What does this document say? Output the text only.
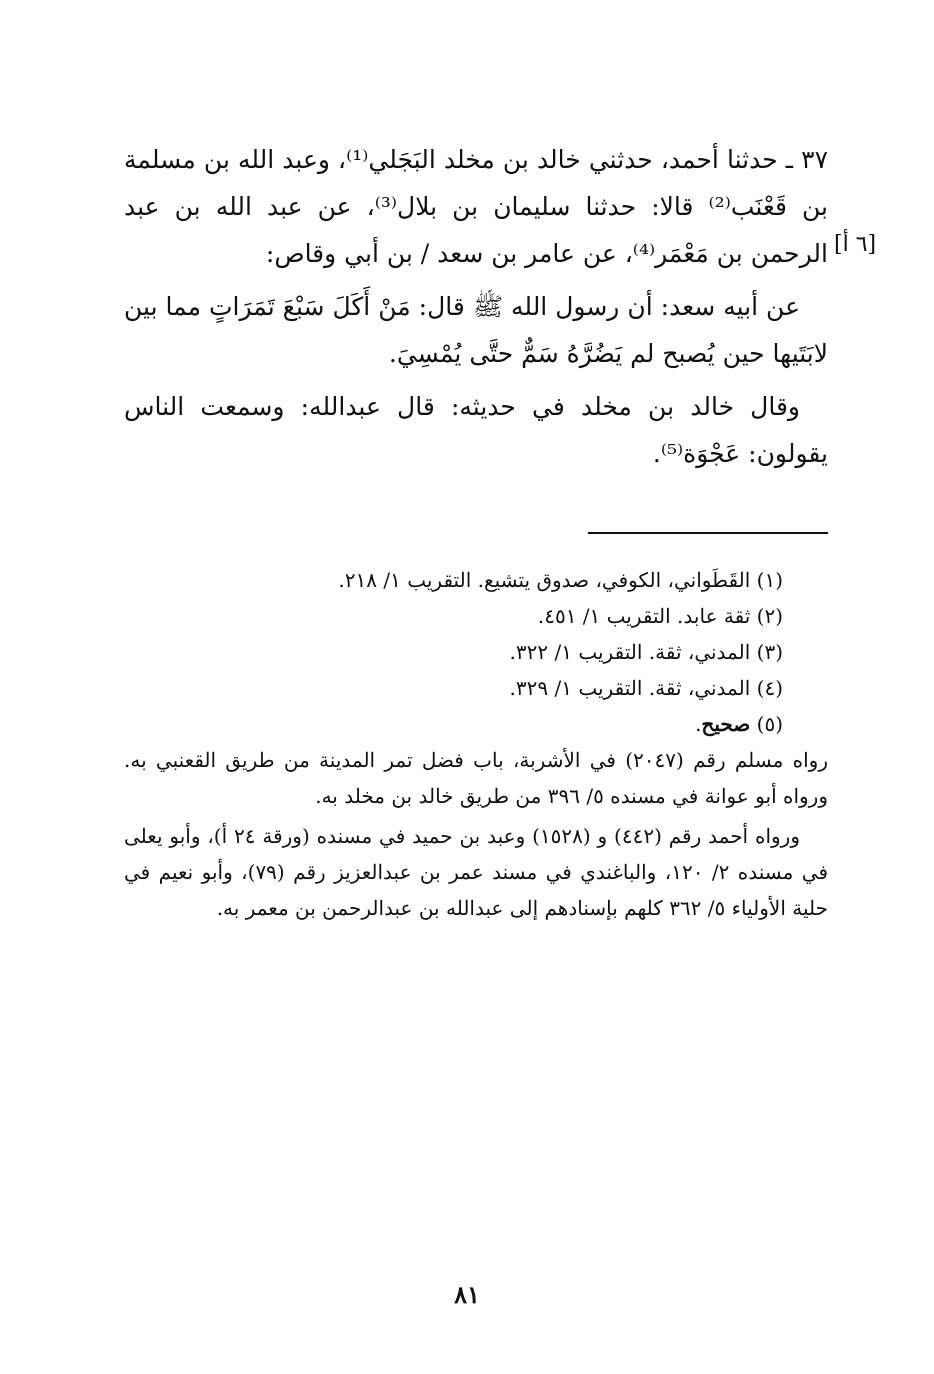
٣٧ ـ حدثنا أحمد، حدثني خالد بن مخلد البَجَلي⁽¹⁾، وعبد الله بن مسلمة بن قَعْنَب⁽²⁾ قالا: حدثنا سليمان بن بلال⁽³⁾، عن عبد الله بن عبد الرحمن بن مَعْمَر⁽⁴⁾، عن عامر بن سعد / بن أبي وقاص:

عن أبيه سعد: أن رسول الله ﷺ قال: مَنْ أَكَلَ سَبْعَ تَمَرَاتٍ مما بين لابَتَيها حين يُصبح لم يَضُرَّهُ سَمٌّ حتَّى يُمْسِيَ.

وقال خالد بن مخلد في حديثه: قال عبدالله: وسمعت الناس يقولون: عَجْوَة⁽⁵⁾.

[٦ أ]
(١) القَطَواني، الكوفي، صدوق يتشيع. التقريب ١/ ٢١٨.
(٢) ثقة عابد. التقريب ١/ ٤٥١.
(٣) المدني، ثقة. التقريب ١/ ٣٢٢.
(٤) المدني، ثقة. التقريب ١/ ٣٢٩.
(٥) صحيح.

رواه مسلم رقم (٢٠٤٧) في الأشربة، باب فضل تمر المدينة من طريق القعنبي به. ورواه أبو عوانة في مسنده ٥/ ٣٩٦ من طريق خالد بن مخلد به.

ورواه أحمد رقم (٤٤٢) و (١٥٢٨) وعبد بن حميد في مسنده (ورقة ٢٤ أ)، وأبو يعلى في مسنده ٢/ ١٢٠، والباغندي في مسند عمر بن عبدالعزيز رقم (٧٩)، وأبو نعيم في حلية الأولياء ٥/ ٣٦٢ كلهم بإسنادهم إلى عبدالله بن عبدالرحمن بن معمر به.

٨١
